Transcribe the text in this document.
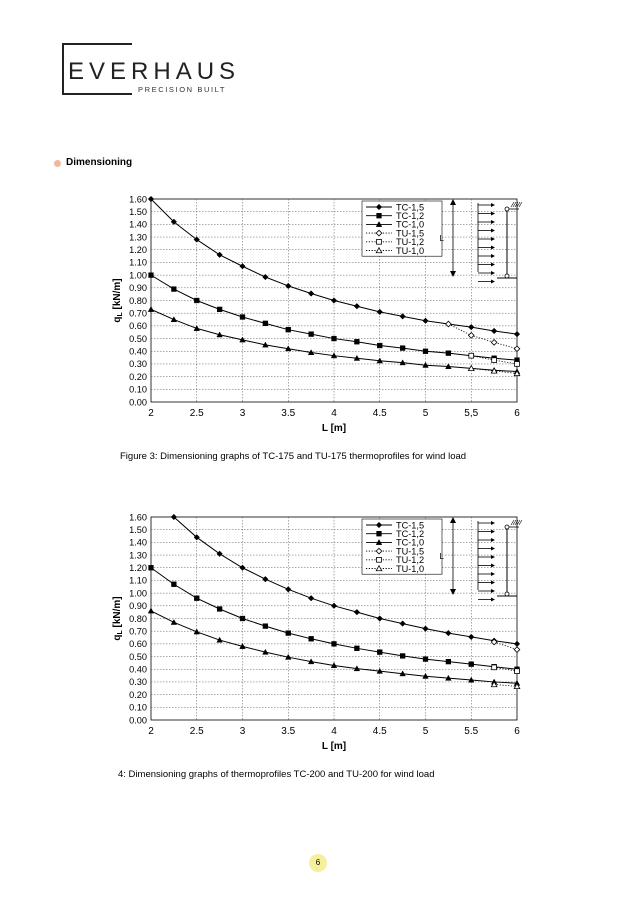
EVERHAUS
PRECISION BUILT
Dimensioning
0.00
0.10
0.20
0.30
0.40
0.50
0.60
0.70
0.80
0.90
1.00
1.10
1.20
1.30
1.40
1.50
1.60
2	2.5	3	3.5	4	4.5	5	5,5	6
L [m]
$q_L$ [kN/m]
TC-1,5
TC-1,2
TC-1,0
TU-1,5
TU-1,2
TU-1,0
L
Figure 3: Dimensioning graphs of TC-175 and TU-175 thermoprofiles for wind load
0.00
0.10
0.20
0.30
0.40
0.50
0.60
0.70
0.80
0.90
1.00
1.10
1.20
1.30
1.40
1.50
1.60
2	2.5	3	3.5	4	4.5	5	5.5	6
L [m]
$q_L$ [kN/m]
TC-1,5
TC-1,2
TC-1,0
TU-1,5
TU-1,2
TU-1,0
L
4: Dimensioning graphs of thermoprofiles TC-200 and TU-200 for wind load
6
